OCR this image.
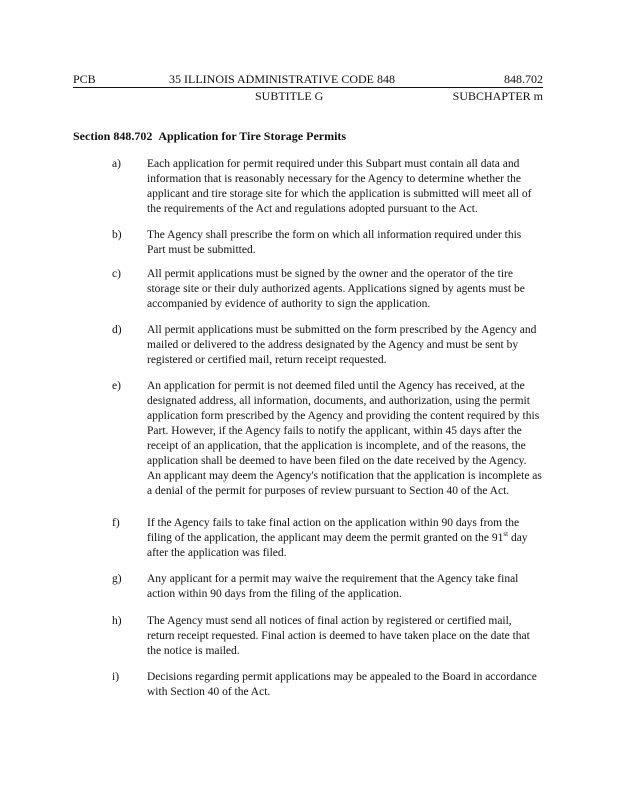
PCB	35 ILLINOIS ADMINISTRATIVE CODE 848	848.702
SUBTITLE G	SUBCHAPTER m
Section 848.702 Application for Tire Storage Permits
a) Each application for permit required under this Subpart must contain all data and information that is reasonably necessary for the Agency to determine whether the applicant and tire storage site for which the application is submitted will meet all of the requirements of the Act and regulations adopted pursuant to the Act.
b) The Agency shall prescribe the form on which all information required under this Part must be submitted.
c) All permit applications must be signed by the owner and the operator of the tire storage site or their duly authorized agents. Applications signed by agents must be accompanied by evidence of authority to sign the application.
d) All permit applications must be submitted on the form prescribed by the Agency and mailed or delivered to the address designated by the Agency and must be sent by registered or certified mail, return receipt requested.
e) An application for permit is not deemed filed until the Agency has received, at the designated address, all information, documents, and authorization, using the permit application form prescribed by the Agency and providing the content required by this Part. However, if the Agency fails to notify the applicant, within 45 days after the receipt of an application, that the application is incomplete, and of the reasons, the application shall be deemed to have been filed on the date received by the Agency. An applicant may deem the Agency's notification that the application is incomplete as a denial of the permit for purposes of review pursuant to Section 40 of the Act.
f) If the Agency fails to take final action on the application within 90 days from the filing of the application, the applicant may deem the permit granted on the 91st day after the application was filed.
g) Any applicant for a permit may waive the requirement that the Agency take final action within 90 days from the filing of the application.
h) The Agency must send all notices of final action by registered or certified mail, return receipt requested. Final action is deemed to have taken place on the date that the notice is mailed.
i) Decisions regarding permit applications may be appealed to the Board in accordance with Section 40 of the Act.
